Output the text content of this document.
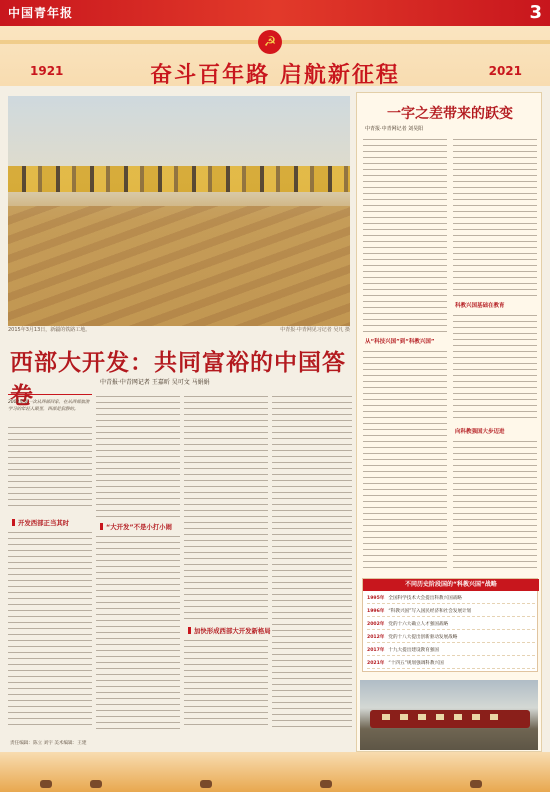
中国青年报	3
☭
1921	2021
奋斗百年路 启航新征程
2015年3月13日，新疆的铁路工地。	中青报·中青网见习记者 吴凡 摄
西部大开发：共同富裕的中国答卷	中青报·中青网记者 王嘉昕 吴可文 马娟娟
2003年第一次从西部回家，在从西部旅游学习的年轻人眼里，西部是寂静的。
开发西部正当其时	“大开发”不是小打小闹
加快形成西部大开发新格局
一字之差带来的跃变
中青报·中青网记者 刘昊阳
从“科技兴国”到“科教兴国”
科教兴国基础在教育
向科教强国大步迈进
不同历史阶段国的“科教兴国”战略
1995年 全国科学技术大会提出科教兴国战略
1996年 “科教兴国”写入国民经济和社会发展计划
2002年 党的十六大确立人才强国战略
2012年 党的十八大提出创新驱动发展战略
2017年 十九大提出建设教育强国
2021年 “十四五”规划强调科教兴国
责任编辑：陈立 刘宇 美术编辑：王建
